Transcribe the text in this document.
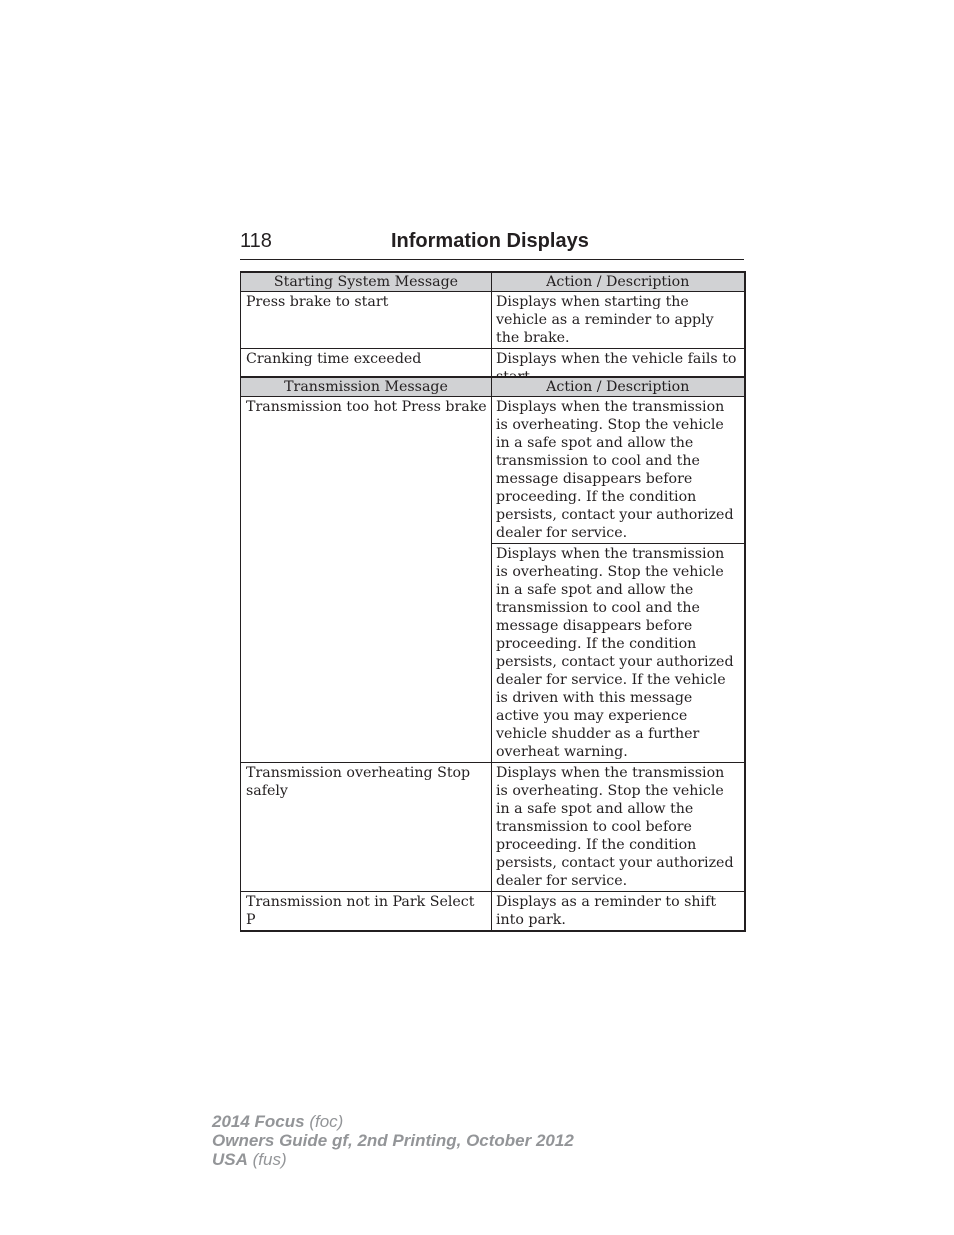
118	Information Displays
Starting System Message	Action / Description
Press brake to start	Displays when starting the vehicle as a reminder to apply the brake.
Cranking time exceeded	Displays when the vehicle fails to
Transmission Message	Action / Description
Transmission too hot Press brake	Displays when the transmission is overheating. Stop the vehicle in a safe spot and allow the transmission to cool and the message disappears before proceeding. If the condition persists, contact your authorized dealer for service.
	Displays when the transmission is overheating. Stop the vehicle in a safe spot and allow the transmission to cool and the message disappears before proceeding. If the condition persists, contact your authorized dealer for service. If the vehicle is driven with this message active you may experience vehicle shudder as a further overheat warning.
Transmission overheating Stop safely	Displays when the transmission is overheating. Stop the vehicle in a safe spot and allow the transmission to cool before proceeding. If the condition persists, contact your authorized dealer for service.
Transmission not in Park Select P	Displays as a reminder to shift into park.
2014 Focus (foc)
Owners Guide gf, 2nd Printing, October 2012
USA (fus)
